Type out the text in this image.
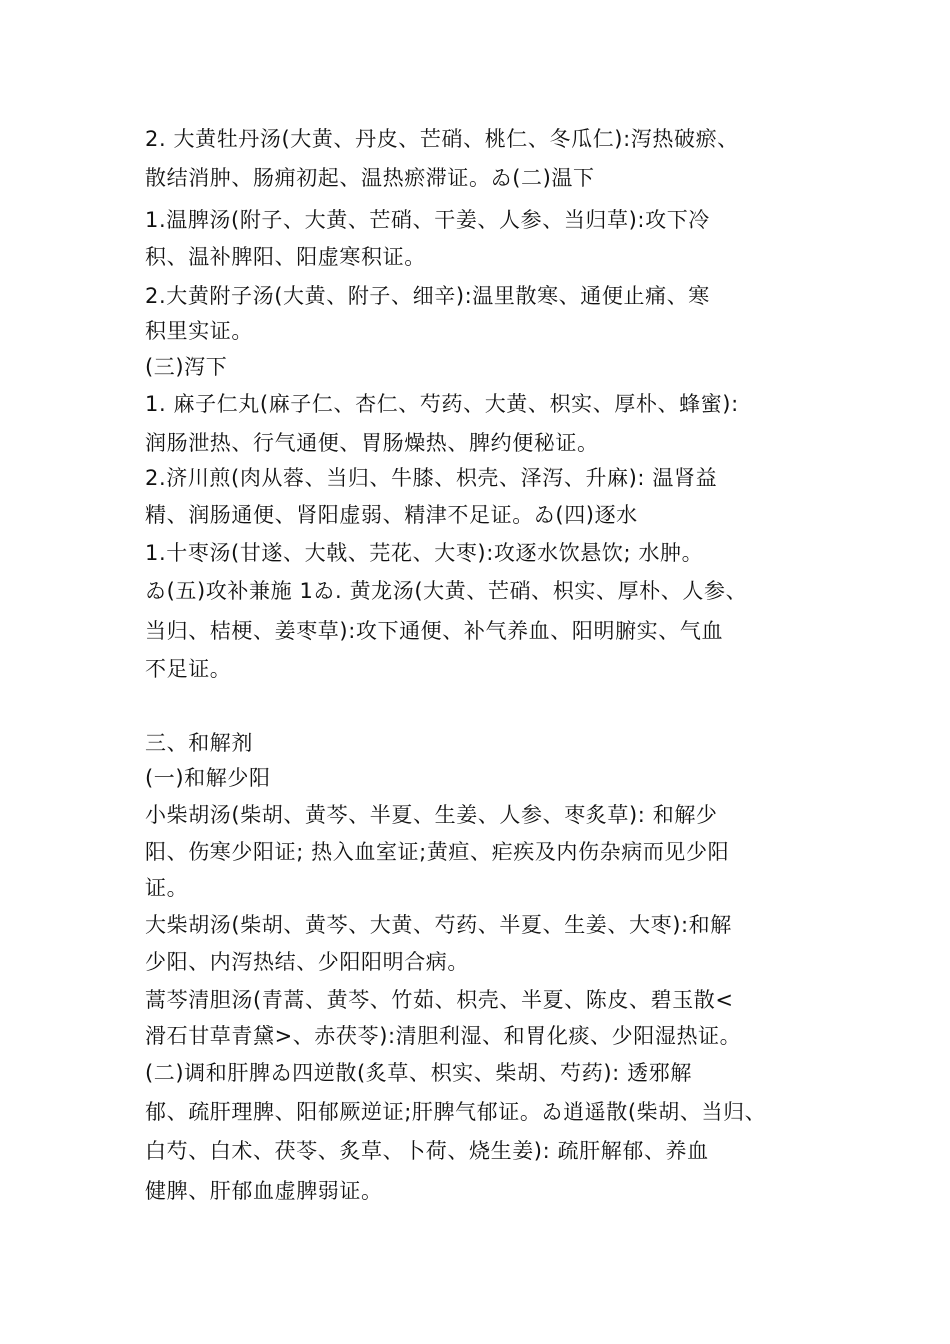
2. 大黄牡丹汤(大黄、丹皮、芒硝、桃仁、冬瓜仁):泻热破瘀、
散结消肿、肠痈初起、温热瘀滞证。ゐ(二)温下
1.温脾汤(附子、大黄、芒硝、干姜、人参、当归草):攻下冷
积、温补脾阳、阳虚寒积证。
2.大黄附子汤(大黄、附子、细辛):温里散寒、通便止痛、寒
积里实证。
(三)泻下
1. 麻子仁丸(麻子仁、杏仁、芍药、大黄、枳实、厚朴、蜂蜜):
润肠泄热、行气通便、胃肠燥热、脾约便秘证。
2.济川煎(肉从蓉、当归、牛膝、枳壳、泽泻、升麻): 温肾益
精、润肠通便、肾阳虚弱、精津不足证。ゐ(四)逐水
1.十枣汤(甘遂、大戟、芫花、大枣):攻逐水饮悬饮; 水肿。
ゐ(五)攻补兼施 1ゐ. 黄龙汤(大黄、芒硝、枳实、厚朴、人参、
当归、桔梗、姜枣草):攻下通便、补气养血、阳明腑实、气血
不足证。
三、和解剂
(一)和解少阳
小柴胡汤(柴胡、黄芩、半夏、生姜、人参、枣炙草): 和解少
阳、伤寒少阳证; 热入血室证;黄疸、疟疾及内伤杂病而见少阳
证。
大柴胡汤(柴胡、黄芩、大黄、芍药、半夏、生姜、大枣):和解
少阳、内泻热结、少阳阳明合病。
蒿芩清胆汤(青蒿、黄芩、竹茹、枳壳、半夏、陈皮、碧玉散<
滑石甘草青黛>、赤茯苓):清胆利湿、和胃化痰、少阳湿热证。
(二)调和肝脾ゐ四逆散(炙草、枳实、柴胡、芍药): 透邪解
郁、疏肝理脾、阳郁厥逆证;肝脾气郁证。ゐ逍遥散(柴胡、当归、
白芍、白术、茯苓、炙草、卜荷、烧生姜): 疏肝解郁、养血
健脾、肝郁血虚脾弱证。
